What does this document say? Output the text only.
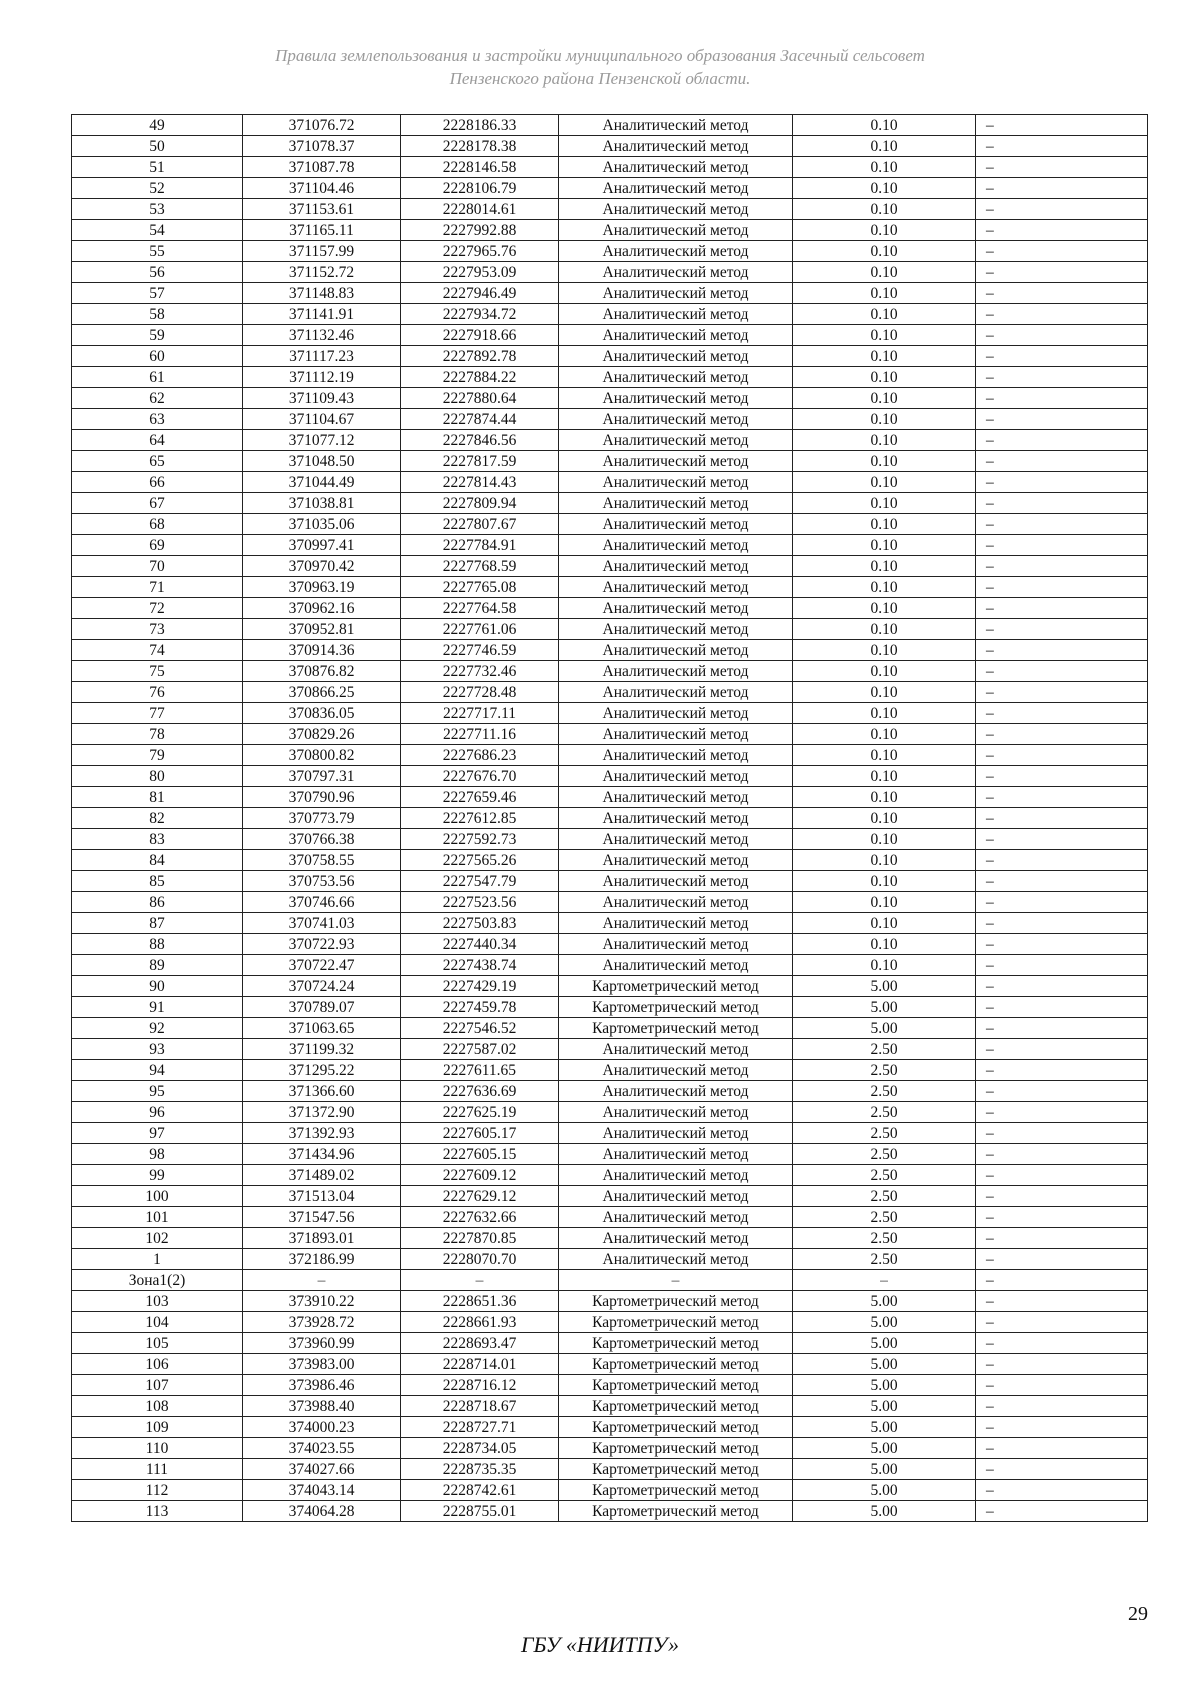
Правила землепользования и застройки муниципального образования Засечный сельсовет
Пензенского района Пензенской области.
49	371076.72	2228186.33	Аналитический метод	0.10	–
50	371078.37	2228178.38	Аналитический метод	0.10	–
51	371087.78	2228146.58	Аналитический метод	0.10	–
52	371104.46	2228106.79	Аналитический метод	0.10	–
53	371153.61	2228014.61	Аналитический метод	0.10	–
54	371165.11	2227992.88	Аналитический метод	0.10	–
55	371157.99	2227965.76	Аналитический метод	0.10	–
56	371152.72	2227953.09	Аналитический метод	0.10	–
57	371148.83	2227946.49	Аналитический метод	0.10	–
58	371141.91	2227934.72	Аналитический метод	0.10	–
59	371132.46	2227918.66	Аналитический метод	0.10	–
60	371117.23	2227892.78	Аналитический метод	0.10	–
61	371112.19	2227884.22	Аналитический метод	0.10	–
62	371109.43	2227880.64	Аналитический метод	0.10	–
63	371104.67	2227874.44	Аналитический метод	0.10	–
64	371077.12	2227846.56	Аналитический метод	0.10	–
65	371048.50	2227817.59	Аналитический метод	0.10	–
66	371044.49	2227814.43	Аналитический метод	0.10	–
67	371038.81	2227809.94	Аналитический метод	0.10	–
68	371035.06	2227807.67	Аналитический метод	0.10	–
69	370997.41	2227784.91	Аналитический метод	0.10	–
70	370970.42	2227768.59	Аналитический метод	0.10	–
71	370963.19	2227765.08	Аналитический метод	0.10	–
72	370962.16	2227764.58	Аналитический метод	0.10	–
73	370952.81	2227761.06	Аналитический метод	0.10	–
74	370914.36	2227746.59	Аналитический метод	0.10	–
75	370876.82	2227732.46	Аналитический метод	0.10	–
76	370866.25	2227728.48	Аналитический метод	0.10	–
77	370836.05	2227717.11	Аналитический метод	0.10	–
78	370829.26	2227711.16	Аналитический метод	0.10	–
79	370800.82	2227686.23	Аналитический метод	0.10	–
80	370797.31	2227676.70	Аналитический метод	0.10	–
81	370790.96	2227659.46	Аналитический метод	0.10	–
82	370773.79	2227612.85	Аналитический метод	0.10	–
83	370766.38	2227592.73	Аналитический метод	0.10	–
84	370758.55	2227565.26	Аналитический метод	0.10	–
85	370753.56	2227547.79	Аналитический метод	0.10	–
86	370746.66	2227523.56	Аналитический метод	0.10	–
87	370741.03	2227503.83	Аналитический метод	0.10	–
88	370722.93	2227440.34	Аналитический метод	0.10	–
89	370722.47	2227438.74	Аналитический метод	0.10	–
90	370724.24	2227429.19	Картометрический метод	5.00	–
91	370789.07	2227459.78	Картометрический метод	5.00	–
92	371063.65	2227546.52	Картометрический метод	5.00	–
93	371199.32	2227587.02	Аналитический метод	2.50	–
94	371295.22	2227611.65	Аналитический метод	2.50	–
95	371366.60	2227636.69	Аналитический метод	2.50	–
96	371372.90	2227625.19	Аналитический метод	2.50	–
97	371392.93	2227605.17	Аналитический метод	2.50	–
98	371434.96	2227605.15	Аналитический метод	2.50	–
99	371489.02	2227609.12	Аналитический метод	2.50	–
100	371513.04	2227629.12	Аналитический метод	2.50	–
101	371547.56	2227632.66	Аналитический метод	2.50	–
102	371893.01	2227870.85	Аналитический метод	2.50	–
1	372186.99	2228070.70	Аналитический метод	2.50	–
Зона1(2)	–	–	–	–	–
103	373910.22	2228651.36	Картометрический метод	5.00	–
104	373928.72	2228661.93	Картометрический метод	5.00	–
105	373960.99	2228693.47	Картометрический метод	5.00	–
106	373983.00	2228714.01	Картометрический метод	5.00	–
107	373986.46	2228716.12	Картометрический метод	5.00	–
108	373988.40	2228718.67	Картометрический метод	5.00	–
109	374000.23	2228727.71	Картометрический метод	5.00	–
110	374023.55	2228734.05	Картометрический метод	5.00	–
111	374027.66	2228735.35	Картометрический метод	5.00	–
112	374043.14	2228742.61	Картометрический метод	5.00	–
113	374064.28	2228755.01	Картометрический метод	5.00	–
29
ГБУ «НИИТПУ»
